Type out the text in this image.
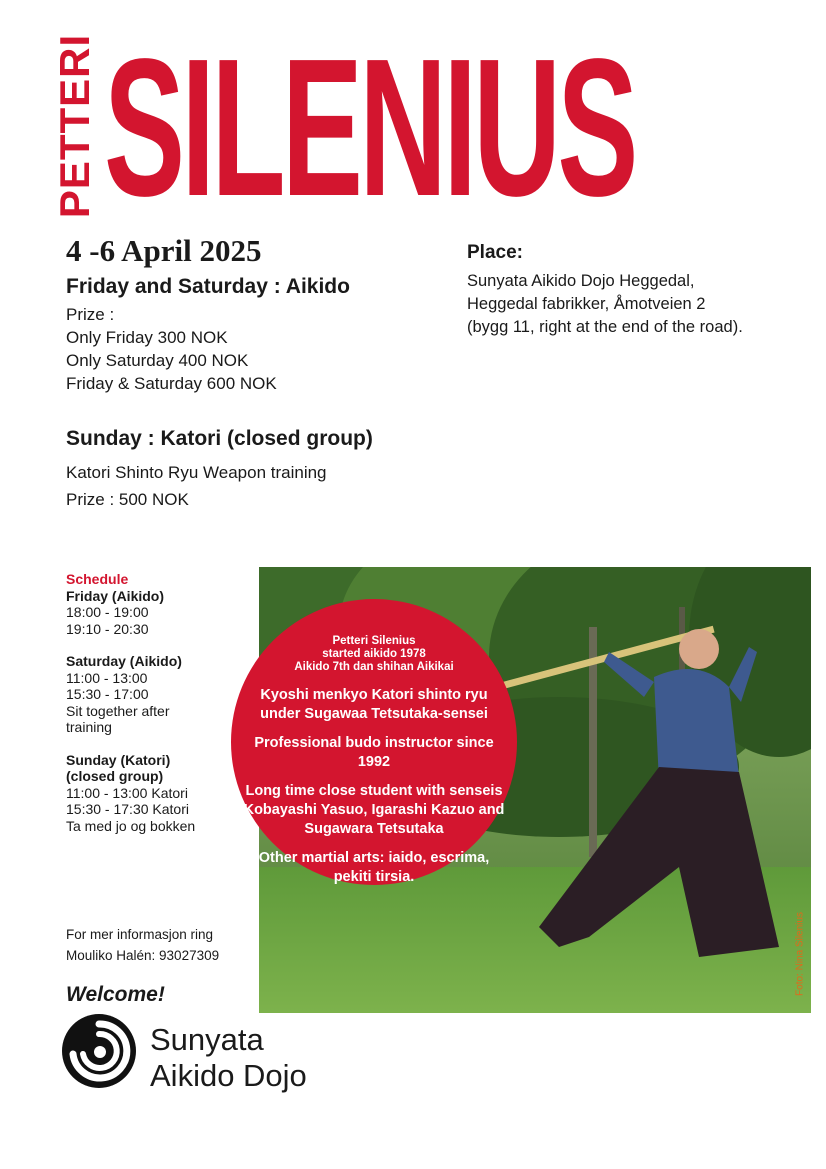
PETTERI SILENIUS
4 -6 April 2025
Friday and Saturday : Aikido
Prize :
Only Friday 300 NOK
Only Saturday 400 NOK
Friday & Saturday 600 NOK
Sunday : Katori (closed group)
Katori Shinto Ryu Weapon training
Prize : 500 NOK
Place:
Sunyata Aikido Dojo Heggedal,
Heggedal fabrikker, Åmotveien 2
(bygg 11, right at the end of the road).
Schedule
Friday (Aikido)
18:00 - 19:00
19:10 - 20:30
Saturday (Aikido)
11:00 - 13:00
15:30 - 17:00
Sit together after
training
Sunday (Katori)
(closed group)
11:00 - 13:00 Katori
15:30 - 17:30 Katori
Ta med jo og bokken
For mer informasjon ring
Mouliko Halén: 93027309
Welcome!
Sunyata
Aikido Dojo
Foto: Nina Silenius
Petteri Silenius
started aikido 1978
Aikido 7th dan shihan Aikikai
Kyoshi menkyo Katori shinto ryu under Sugawaa Tetsutaka-sensei
Professional budo instructor since 1992
Long time close student with senseis Kobayashi Yasuo, Igarashi Kazuo and Sugawara Tetsutaka
Other martial arts: iaido, escrima, pekiti tirsia.
